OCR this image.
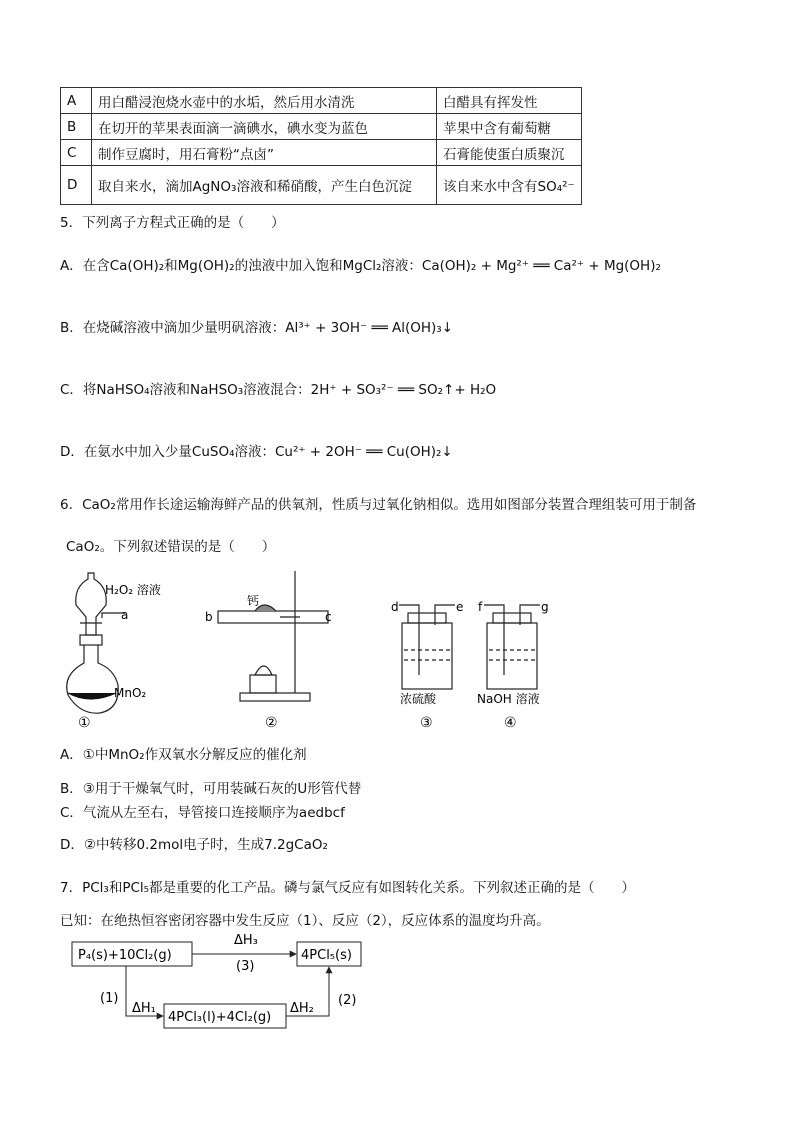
A	用白醋浸泡烧水壶中的水垢，然后用水清洗	白醋具有挥发性
B	在切开的苹果表面滴一滴碘水，碘水变为蓝色	苹果中含有葡萄糖
C	制作豆腐时，用石膏粉“点卤”	石膏能使蛋白质聚沉
D	取自来水，滴加AgNO₃溶液和稀硝酸，产生白色沉淀	该自来水中含有SO₄²⁻
5．下列离子方程式正确的是（　　）
A．在含Ca(OH)₂和Mg(OH)₂的浊液中加入饱和MgCl₂溶液：Ca(OH)₂ + Mg²⁺ ══ Ca²⁺ + Mg(OH)₂
B．在烧碱溶液中滴加少量明矾溶液：Al³⁺ + 3OH⁻ ══ Al(OH)₃↓
C．将NaHSO₄溶液和NaHSO₃溶液混合：2H⁺ + SO₃²⁻ ══ SO₂↑+ H₂O
D．在氨水中加入少量CuSO₄溶液：Cu²⁺ + 2OH⁻ ══ Cu(OH)₂↓
6．CaO₂常用作长途运输海鲜产品的供氧剂，性质与过氧化钠相似。选用如图部分装置合理组装可用于制备
CaO₂。下列叙述错误的是（　　）
H₂O₂ 溶液
a
MnO₂
①
钙
b	c
②
d	e
浓硫酸
③
f	g
NaOH 溶液
④
A．①中MnO₂作双氧水分解反应的催化剂
B．③用于干燥氧气时，可用装碱石灰的U形管代替
C．气流从左至右，导管接口连接顺序为aedbcf
D．②中转移0.2mol电子时，生成7.2gCaO₂
7．PCl₃和PCl₅都是重要的化工产品。磷与氯气反应有如图转化关系。下列叙述正确的是（　　）
已知：在绝热恒容密闭容器中发生反应（1）、反应（2），反应体系的温度均升高。
P₄(s)+10Cl₂(g)	4PCl₅(s)
4PCl₃(l)+4Cl₂(g)
ΔH₃
(3)
(1)
ΔH₁	ΔH₂
(2)
